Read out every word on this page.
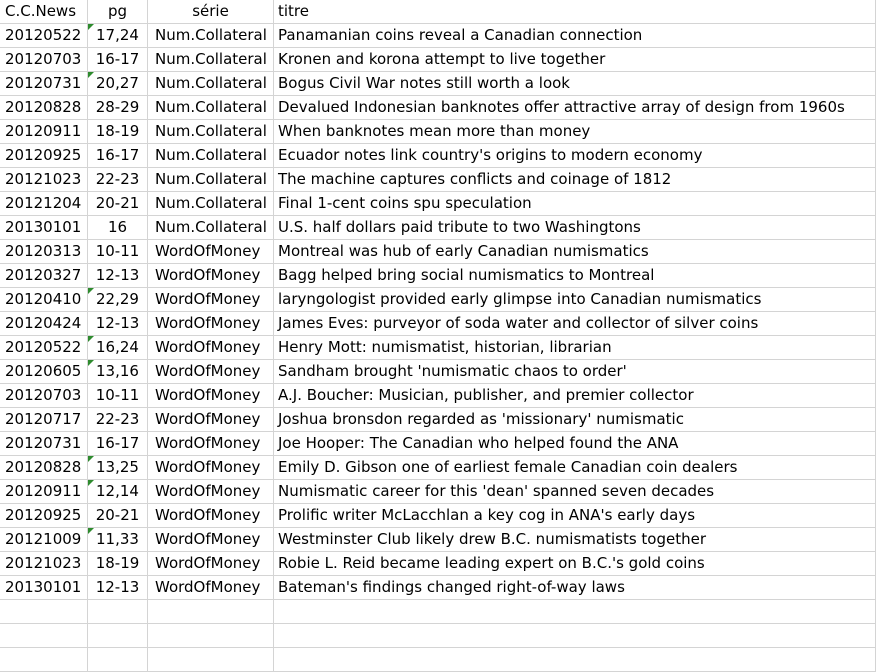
C.C.News	pg	série	titre
20120522 17,24	Num.Collateral Panamanian coins reveal a Canadian connection
20120703 16-17	Num.Collateral Kronen and korona attempt to live together
20120731 20,27	Num.Collateral Bogus Civil War notes still worth a look
20120828 28-29	Num.Collateral Devalued Indonesian banknotes offer attractive array of design from 1960s
20120911 18-19	Num.Collateral When banknotes mean more than money
20120925 16-17	Num.Collateral Ecuador notes link country's origins to modern economy
20121023 22-23	Num.Collateral The machine captures conflicts and coinage of 1812
20121204 20-21	Num.Collateral Final 1-cent coins spu speculation
20130101	16	Num.Collateral U.S. half dollars paid tribute to two Washingtons
20120313 10-11	WordOfMoney	Montreal was hub of early Canadian numismatics
20120327 12-13	WordOfMoney	Bagg helped bring social numismatics to Montreal
20120410 22,29	WordOfMoney	laryngologist provided early glimpse into Canadian numismatics
20120424 12-13	WordOfMoney	James Eves: purveyor of soda water and collector of silver coins
20120522 16,24	WordOfMoney	Henry Mott: numismatist, historian, librarian
20120605 13,16	WordOfMoney	Sandham brought 'numismatic chaos to order'
20120703 10-11	WordOfMoney	A.J. Boucher: Musician, publisher, and premier collector
20120717 22-23	WordOfMoney	Joshua bronsdon regarded as 'missionary' numismatic
20120731 16-17	WordOfMoney	Joe Hooper: The Canadian who helped found the ANA
20120828 13,25	WordOfMoney	Emily D. Gibson one of earliest female Canadian coin dealers
20120911 12,14	WordOfMoney	Numismatic career for this 'dean' spanned seven decades
20120925 20-21	WordOfMoney	Prolific writer McLacchlan a key cog in ANA's early days
20121009 11,33	WordOfMoney	Westminster Club likely drew B.C. numismatists together
20121023 18-19	WordOfMoney	Robie L. Reid became leading expert on B.C.'s gold coins
20130101 12-13	WordOfMoney	Bateman's findings changed right-of-way laws
